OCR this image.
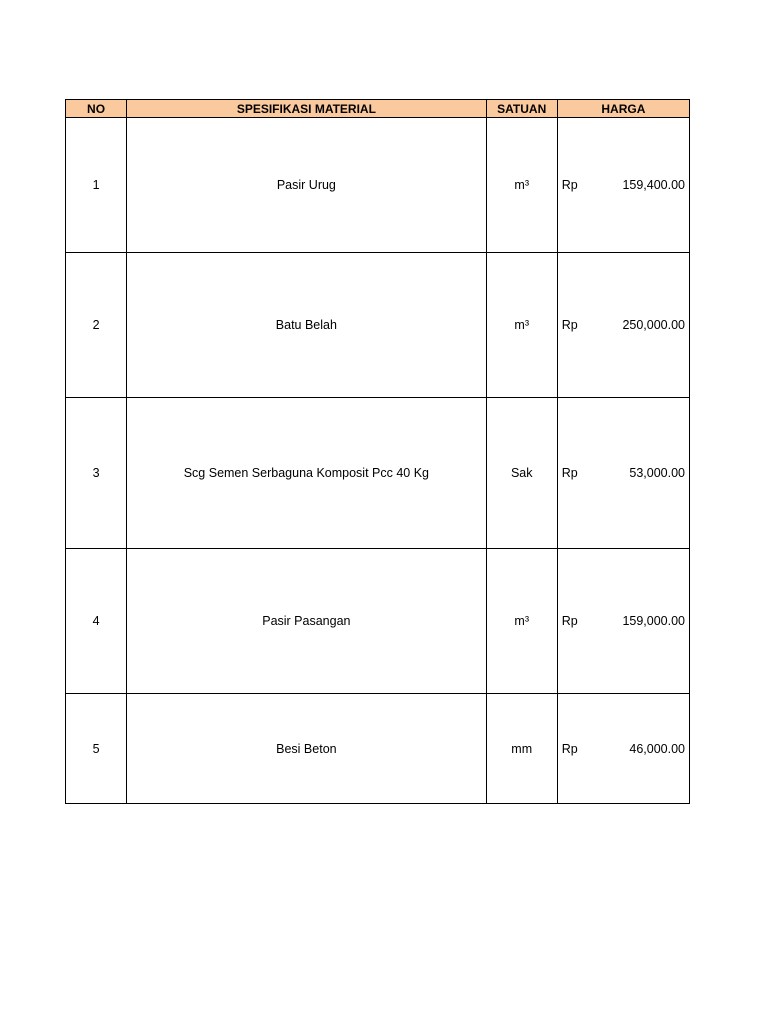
NO	SPESIFIKASI MATERIAL	SATUAN	HARGA
1	Pasir Urug	m³	Rp 159,400.00

2	Batu Belah	m³	Rp 250,000.00

3	Scg Semen Serbaguna Komposit Pcc 40 Kg	Sak	Rp 53,000.00

4	Pasir Pasangan	m³	Rp 159,000.00

5	Besi Beton	mm	Rp 46,000.00
